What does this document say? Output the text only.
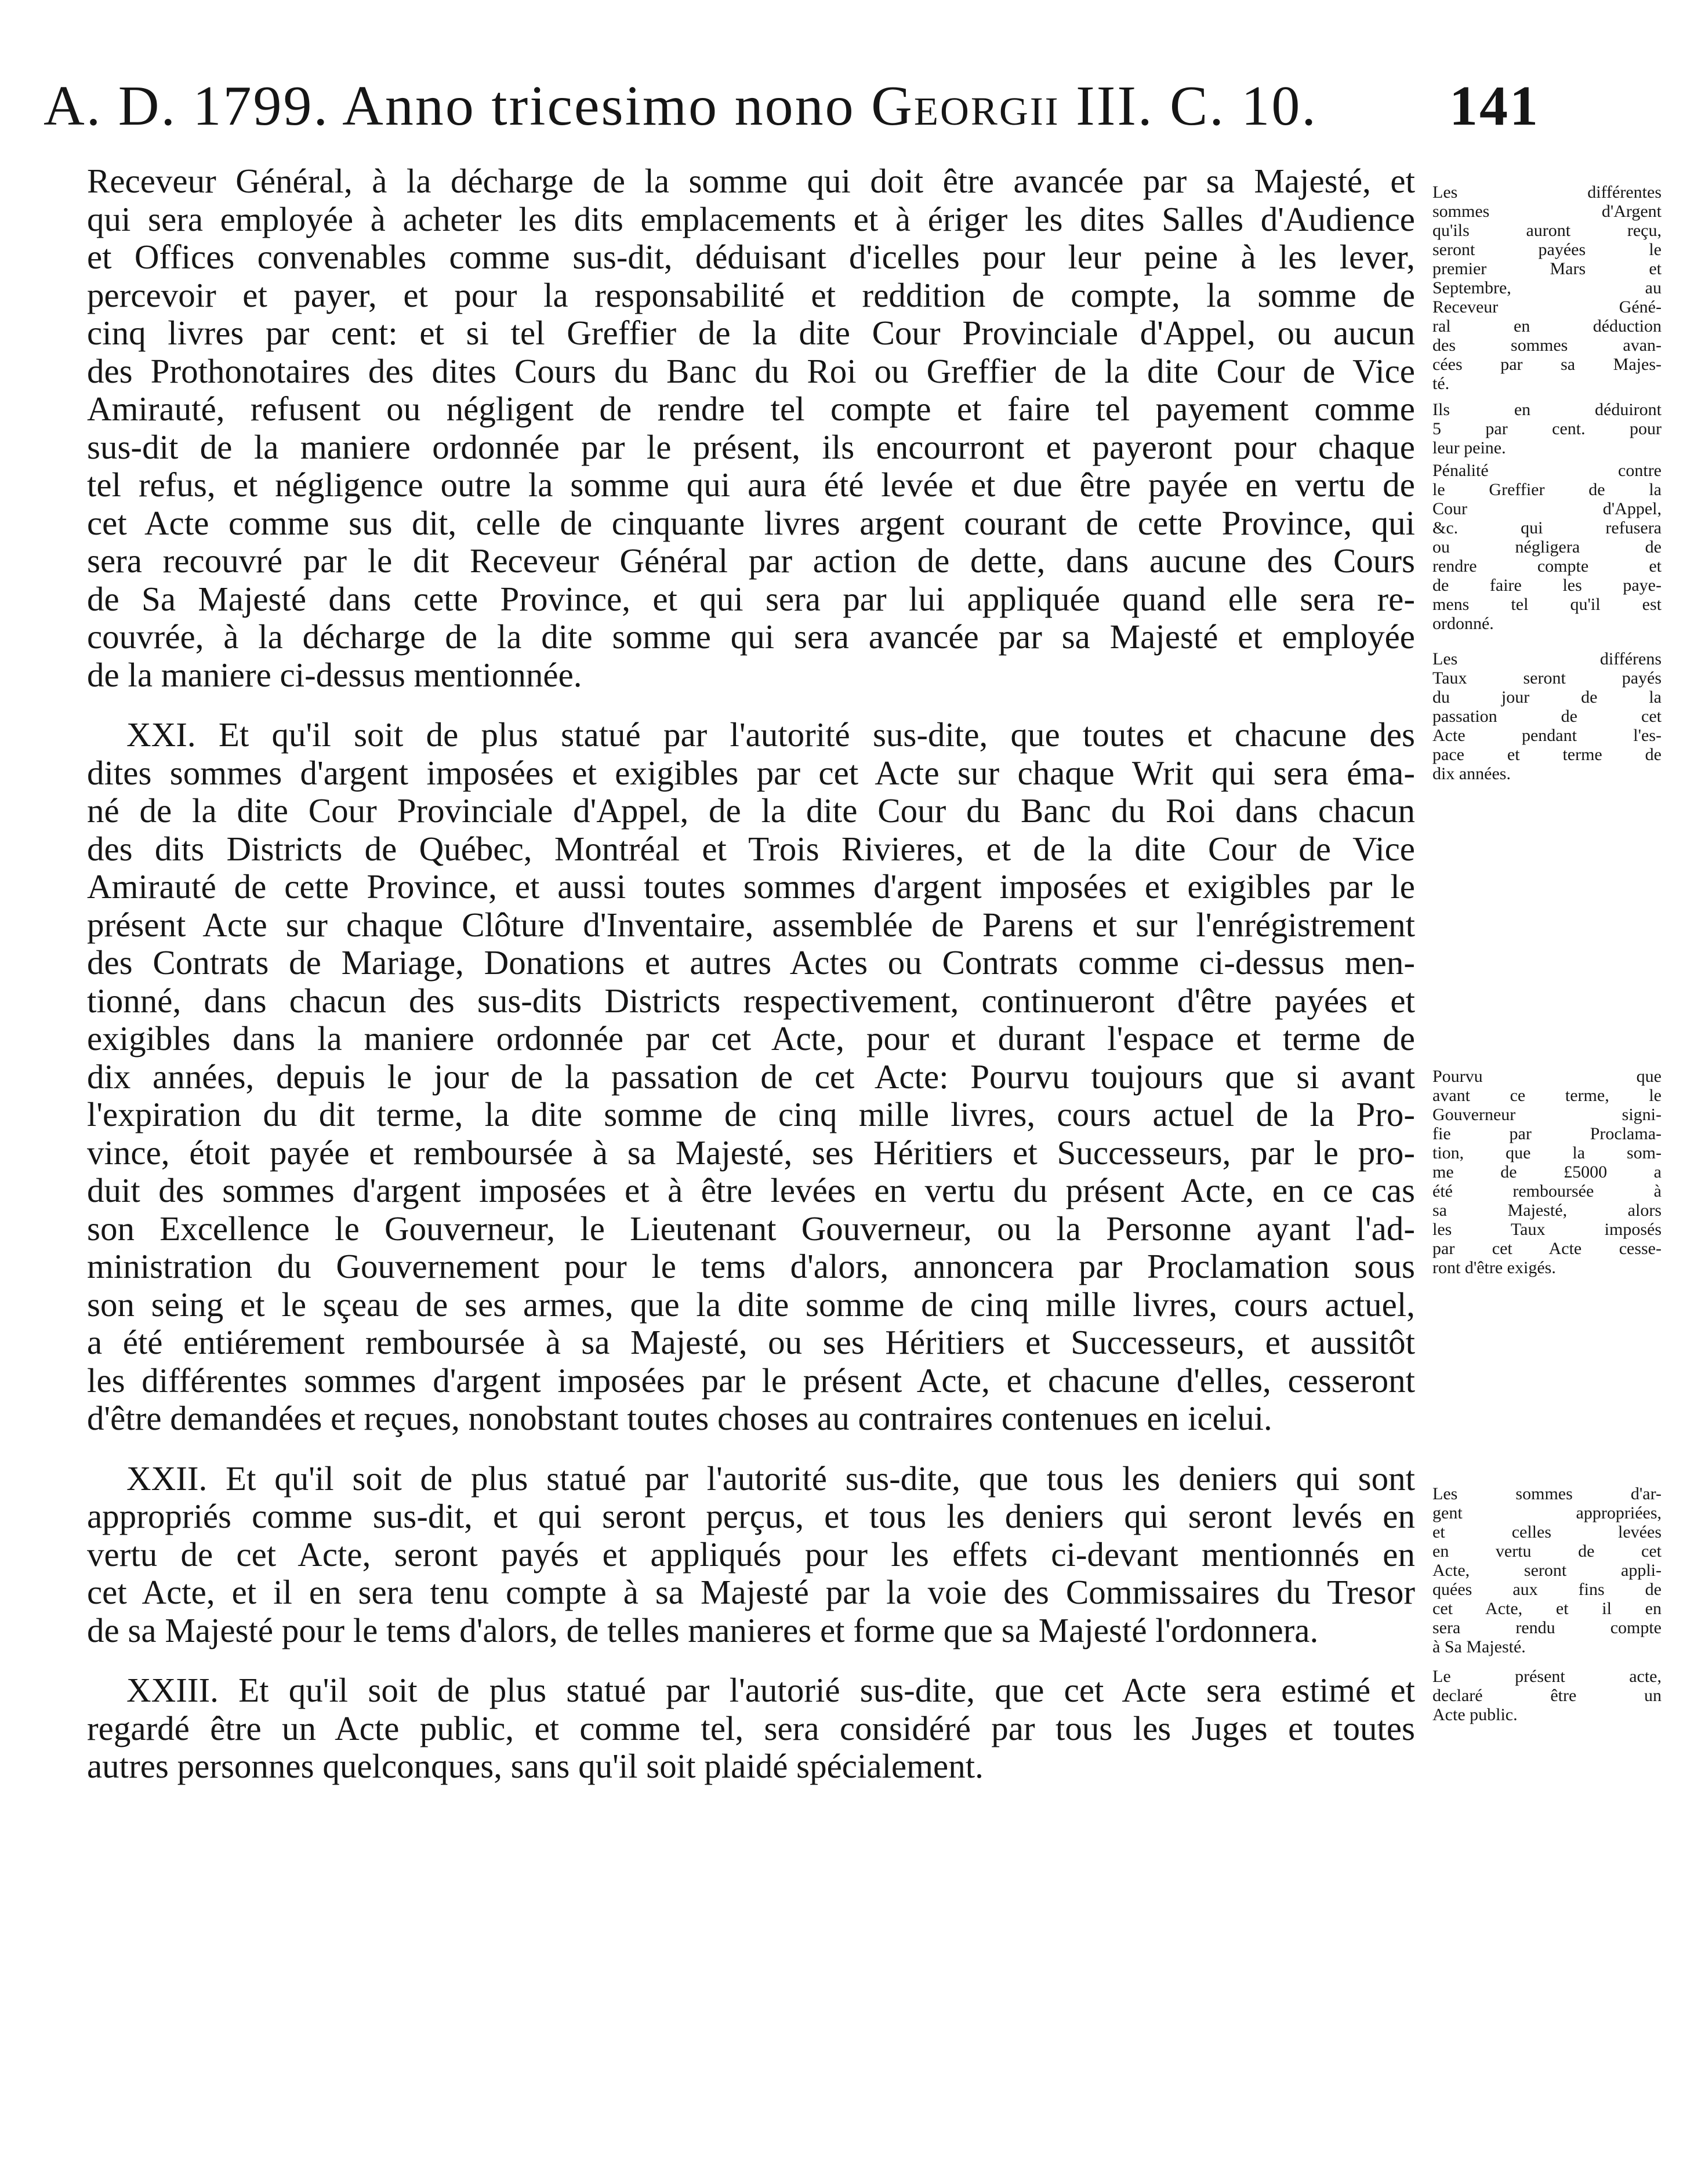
A. D. 1799. Anno tricesimo nono Georgii III. C. 10. 141
Receveur Général, à la décharge de la somme qui doit être avancée par sa Majesté, et
qui sera employée à acheter les dits emplacements et à ériger les dites Salles d'Audience
et Offices convenables comme sus-dit, déduisant d'icelles pour leur peine à les lever,
percevoir et payer, et pour la responsabilité et reddition de compte, la somme de
cinq livres par cent: et si tel Greffier de la dite Cour Provinciale d'Appel, ou aucun
des Prothonotaires des dites Cours du Banc du Roi ou Greffier de la dite Cour de Vice
Amirauté, refusent ou négligent de rendre tel compte et faire tel payement comme
sus-dit de la maniere ordonnée par le présent, ils encourront et payeront pour chaque
tel refus, et négligence outre la somme qui aura été levée et due être payée en vertu de
cet Acte comme sus dit, celle de cinquante livres argent courant de cette Province, qui
sera recouvré par le dit Receveur Général par action de dette, dans aucune des Cours
de Sa Majesté dans cette Province, et qui sera par lui appliquée quand elle sera re-
couvrée, à la décharge de la dite somme qui sera avancée par sa Majesté et employée
de la maniere ci-dessus mentionnée.
XXI. Et qu'il soit de plus statué par l'autorité sus-dite, que toutes et chacune des
dites sommes d'argent imposées et exigibles par cet Acte sur chaque Writ qui sera éma-
né de la dite Cour Provinciale d'Appel, de la dite Cour du Banc du Roi dans chacun
des dits Districts de Québec, Montréal et Trois Rivieres, et de la dite Cour de Vice
Amirauté de cette Province, et aussi toutes sommes d'argent imposées et exigibles par le
présent Acte sur chaque Clôture d'Inventaire, assemblée de Parens et sur l'enrégistrement
des Contrats de Mariage, Donations et autres Actes ou Contrats comme ci-dessus men-
tionné, dans chacun des sus-dits Districts respectivement, continueront d'être payées et
exigibles dans la maniere ordonnée par cet Acte, pour et durant l'espace et terme de
dix années, depuis le jour de la passation de cet Acte: Pourvu toujours que si avant
l'expiration du dit terme, la dite somme de cinq mille livres, cours actuel de la Pro-
vince, étoit payée et remboursée à sa Majesté, ses Héritiers et Successeurs, par le pro-
duit des sommes d'argent imposées et à être levées en vertu du présent Acte, en ce cas
son Excellence le Gouverneur, le Lieutenant Gouverneur, ou la Personne ayant l'ad-
ministration du Gouvernement pour le tems d'alors, annoncera par Proclamation sous
son seing et le sçeau de ses armes, que la dite somme de cinq mille livres, cours actuel,
a été entiérement remboursée à sa Majesté, ou ses Héritiers et Successeurs, et aussitôt
les différentes sommes d'argent imposées par le présent Acte, et chacune d'elles, cesseront
d'être demandées et reçues, nonobstant toutes choses au contraires contenues en icelui.
XXII. Et qu'il soit de plus statué par l'autorité sus-dite, que tous les deniers qui sont
appropriés comme sus-dit, et qui seront perçus, et tous les deniers qui seront levés en
vertu de cet Acte, seront payés et appliqués pour les effets ci-devant mentionnés en
cet Acte, et il en sera tenu compte à sa Majesté par la voie des Commissaires du Tresor
de sa Majesté pour le tems d'alors, de telles manieres et forme que sa Majesté l'ordonnera.
XXIII. Et qu'il soit de plus statué par l'autorié sus-dite, que cet Acte sera estimé et
regardé être un Acte public, et comme tel, sera considéré par tous les Juges et toutes
autres personnes quelconques, sans qu'il soit plaidé spécialement.
Les différentes
sommes d'Argent
qu'ils auront reçu,
seront payées le
premier Mars et
Septembre, au
Receveur Géné-
ral en déduction
des sommes avan-
cées par sa Majes-
té.
Ils en déduiront
5 par cent. pour
leur peine.
Pénalité contre
le Greffier de la
Cour d'Appel,
&c. qui refusera
ou négligera de
rendre compte et
de faire les paye-
mens tel qu'il est
ordonné.
Les différens
Taux seront payés
du jour de la
passation de cet
Acte pendant l'es-
pace et terme de
dix années.
Pourvu que
avant ce terme, le
Gouverneur signi-
fie par Proclama-
tion, que la som-
me de £5000 a
été remboursée à
sa Majesté, alors
les Taux imposés
par cet Acte cesse-
ront d'être exigés.
Les sommes d'ar-
gent appropriées,
et celles levées
en vertu de cet
Acte, seront appli-
quées aux fins de
cet Acte, et il en
sera rendu compte
à Sa Majesté.
Le présent acte,
declaré être un
Acte public.
